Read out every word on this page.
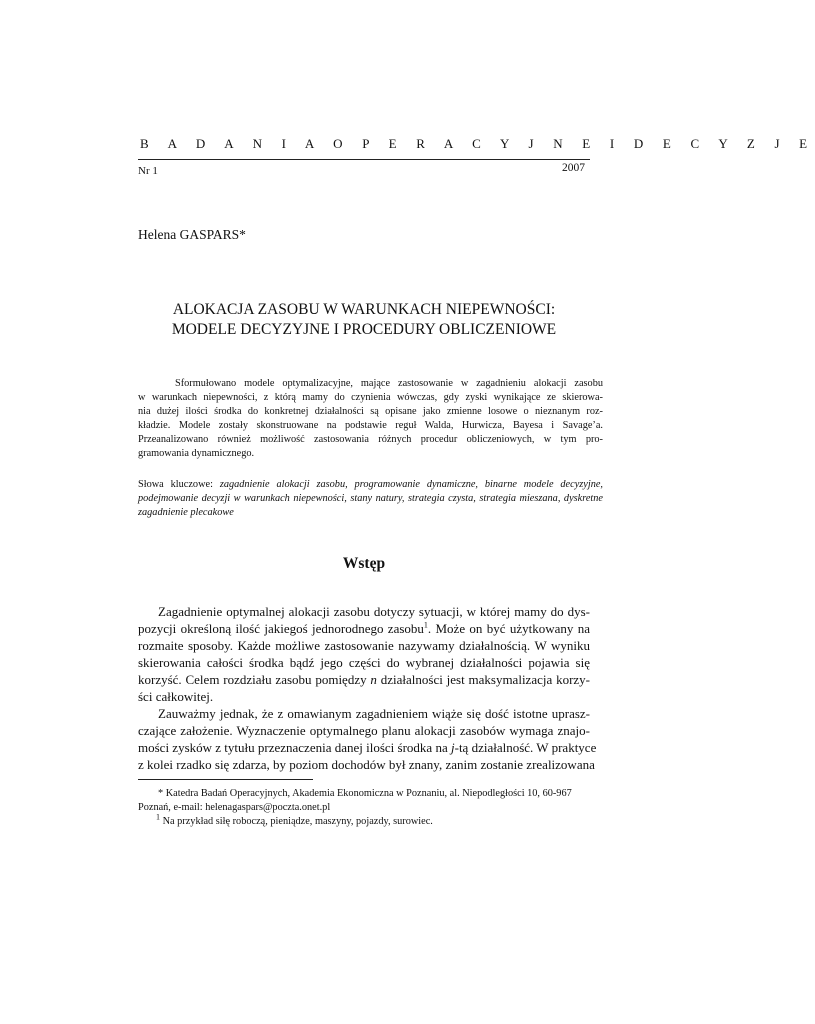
B A D A N I A O P E R A C Y J N E I D E C Y Z J E
Nr 1	2007
Helena GASPARS*
ALOKACJA ZASOBU W WARUNKACH NIEPEWNOŚCI:
MODELE DECYZYJNE I PROCEDURY OBLICZENIOWE
Sformułowano modele optymalizacyjne, mające zastosowanie w zagadnieniu alokacji zasobu
w warunkach niepewności, z którą mamy do czynienia wówczas, gdy zyski wynikające ze skierowa-
nia dużej ilości środka do konkretnej działalności są opisane jako zmienne losowe o nieznanym roz-
kładzie. Modele zostały skonstruowane na podstawie reguł Walda, Hurwicza, Bayesa i Savage’a.
Przeanalizowano również możliwość zastosowania różnych procedur obliczeniowych, w tym pro-
gramowania dynamicznego.
Słowa kluczowe: zagadnienie alokacji zasobu, programowanie dynamiczne, binarne modele decyzyjne, podejmowanie decyzji w warunkach niepewności, stany natury, strategia czysta, strategia mieszana, dyskretne zagadnienie plecakowe
Wstęp
Zagadnienie optymalnej alokacji zasobu dotyczy sytuacji, w której mamy do dys-
pozycji określoną ilość jakiegoś jednorodnego zasobu$^1$. Może on być użytkowany na
rozmaite sposoby. Każde możliwe zastosowanie nazywamy działalnością. W wyniku
skierowania całości środka bądź jego części do wybranej działalności pojawia się
korzyść. Celem rozdziału zasobu pomiędzy n działalności jest maksymalizacja korzy-
ści całkowitej.
Zauważmy jednak, że z omawianym zagadnieniem wiąże się dość istotne uprasz-
czające założenie. Wyznaczenie optymalnego planu alokacji zasobów wymaga znajo-
mości zysków z tytułu przeznaczenia danej ilości środka na j-tą działalność. W praktyce
z kolei rzadko się zdarza, by poziom dochodów był znany, zanim zostanie zrealizowana
* Katedra Badań Operacyjnych, Akademia Ekonomiczna w Poznaniu, al. Niepodległości 10, 60-967
Poznań, e-mail: helenagaspars@poczta.onet.pl
$^1$ Na przykład siłę roboczą, pieniądze, maszyny, pojazdy, surowiec.
